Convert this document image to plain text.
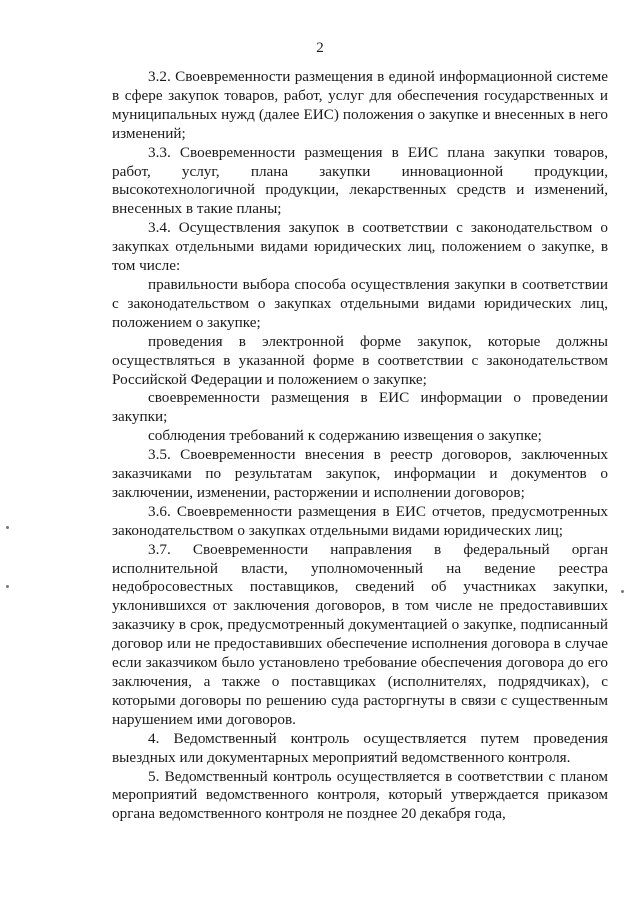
2

3.2. Своевременности размещения в единой информационной системе в сфере закупок товаров, работ, услуг для обеспечения государственных и муниципальных нужд (далее ЕИС) положения о закупке и внесенных в него изменений;

3.3. Своевременности размещения в ЕИС плана закупки товаров, работ, услуг, плана закупки инновационной продукции, высокотехнологичной продукции, лекарственных средств и изменений, внесенных в такие планы;

3.4. Осуществления закупок в соответствии с законодательством о закупках отдельными видами юридических лиц, положением о закупке, в том числе:

правильности выбора способа осуществления закупки в соответствии с законодательством о закупках отдельными видами юридических лиц, положением о закупке;

проведения в электронной форме закупок, которые должны осуществляться в указанной форме в соответствии с законодательством Российской Федерации и положением о закупке;

своевременности размещения в ЕИС информации о проведении закупки;

соблюдения требований к содержанию извещения о закупке;

3.5. Своевременности внесения в реестр договоров, заключенных заказчиками по результатам закупок, информации и документов о заключении, изменении, расторжении и исполнении договоров;

3.6. Своевременности размещения в ЕИС отчетов, предусмотренных законодательством о закупках отдельными видами юридических лиц;

3.7. Своевременности направления в федеральный орган исполнительной власти, уполномоченный на ведение реестра недобросовестных поставщиков, сведений об участниках закупки, уклонившихся от заключения договоров, в том числе не предоставивших заказчику в срок, предусмотренный документацией о закупке, подписанный договор или не предоставивших обеспечение исполнения договора в случае если заказчиком было установлено требование обеспечения договора до его заключения, а также о поставщиках (исполнителях, подрядчиках), с которыми договоры по решению суда расторгнуты в связи с существенным нарушением ими договоров.

4. Ведомственный контроль осуществляется путем проведения выездных или документарных мероприятий ведомственного контроля.

5. Ведомственный контроль осуществляется в соответствии с планом мероприятий ведомственного контроля, который утверждается приказом органа ведомственного контроля не позднее 20 декабря года,
